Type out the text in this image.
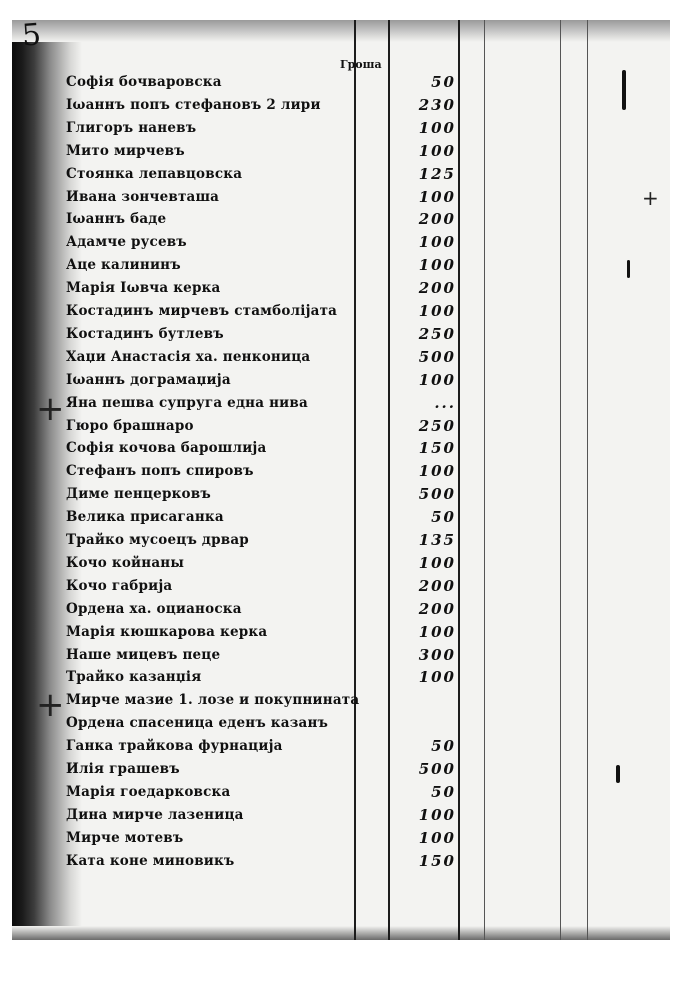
+
5
Гроша
+
+
Софія бочваровска	50
Іωаннъ попъ стефановъ 2 лири	230
Глигоръ наневъ	100
Мито мирчевъ	100
Стоянка лепавцовска	125
Ивана зончевташа	100
Іωаннъ баде	200
Адамче русевъ	100
Аце калининъ	100
Марія Іωвча керка	200
Костадинъ мирчевъ стамболіјата	100
Костадинъ бутлевъ	250
Хаџи Анастасія ха. пенконица	500
Іωаннъ дограмаџија	100
Яна пешва супруга една нива	...
Гюро брашнаро	250
Софія кочова барошлија	150
Стефанъ попъ спировъ	100
Диме пенцерковъ	500
Велика присаганка	50
Трайко мусоецъ дрвар	135
Кочо койнаны	100
Кочо габрија	200
Ордена ха. оцианоска	200
Марія кюшкарова керка	100
Наше мицевъ пеце	300
Трайко казанџія	100
Мирче мазие 1. лозе и покупнината
Ордена спасеница еденъ казанъ
Ганка трайкова фурнација	50
Илія грашевъ	500
Марія гоедарковска	50
Дина мирче лазеница	100
Мирче мотевъ	100
Ката коне миновикъ	150
